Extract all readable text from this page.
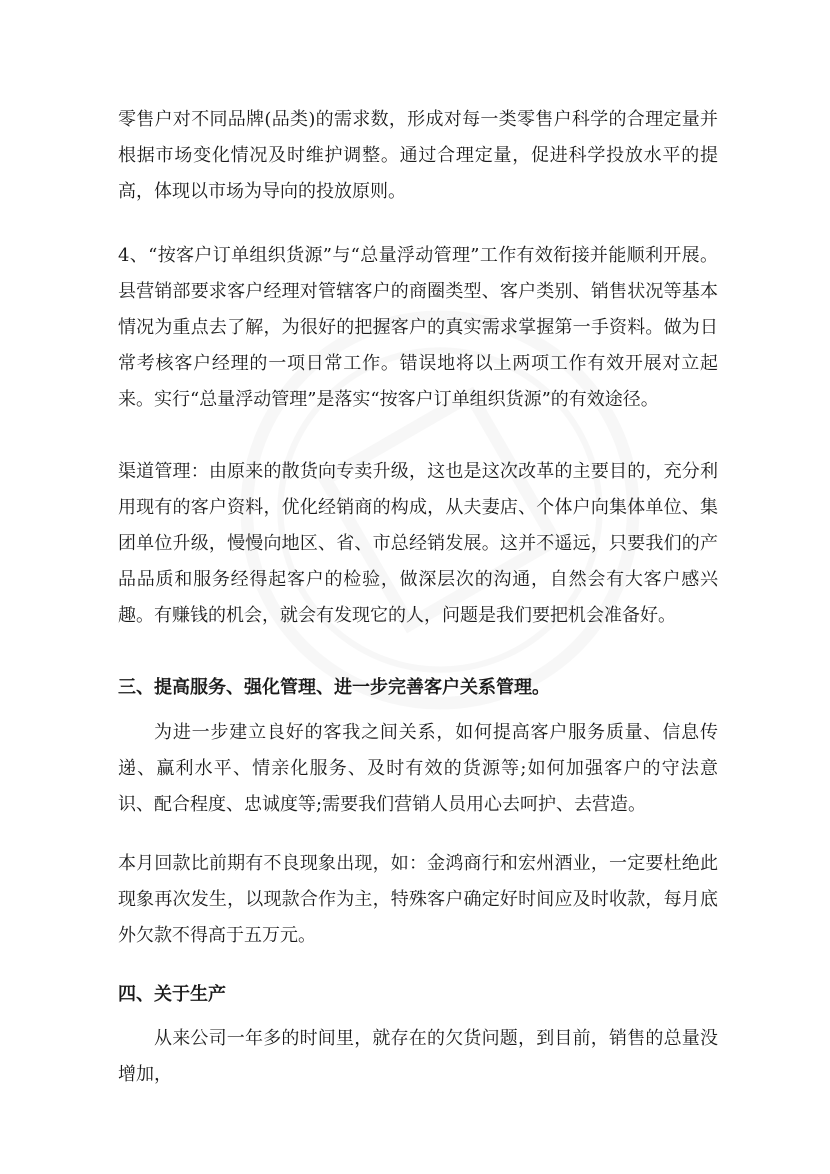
零售户对不同品牌(品类)的需求数，形成对每一类零售户科学的合理定量并根据市场变化情况及时维护调整。通过合理定量，促进科学投放水平的提高，体现以市场为导向的投放原则。

4、“按客户订单组织货源”与“总量浮动管理”工作有效衔接并能顺利开展。县营销部要求客户经理对管辖客户的商圈类型、客户类别、销售状况等基本情况为重点去了解，为很好的把握客户的真实需求掌握第一手资料。做为日常考核客户经理的一项日常工作。错误地将以上两项工作有效开展对立起来。实行“总量浮动管理”是落实“按客户订单组织货源”的有效途径。

渠道管理：由原来的散货向专卖升级，这也是这次改革的主要目的，充分利用现有的客户资料，优化经销商的构成，从夫妻店、个体户向集体单位、集团单位升级，慢慢向地区、省、市总经销发展。这并不遥远，只要我们的产品品质和服务经得起客户的检验，做深层次的沟通，自然会有大客户感兴趣。有赚钱的机会，就会有发现它的人，问题是我们要把机会准备好。

三、提高服务、强化管理、进一步完善客户关系管理。

为进一步建立良好的客我之间关系，如何提高客户服务质量、信息传递、赢利水平、情亲化服务、及时有效的货源等;如何加强客户的守法意识、配合程度、忠诚度等;需要我们营销人员用心去呵护、去营造。

本月回款比前期有不良现象出现，如：金鸿商行和宏州酒业，一定要杜绝此现象再次发生，以现款合作为主，特殊客户确定好时间应及时收款，每月底外欠款不得高于五万元。

四、关于生产

从来公司一年多的时间里，就存在的欠货问题，到目前，销售的总量没增加，
